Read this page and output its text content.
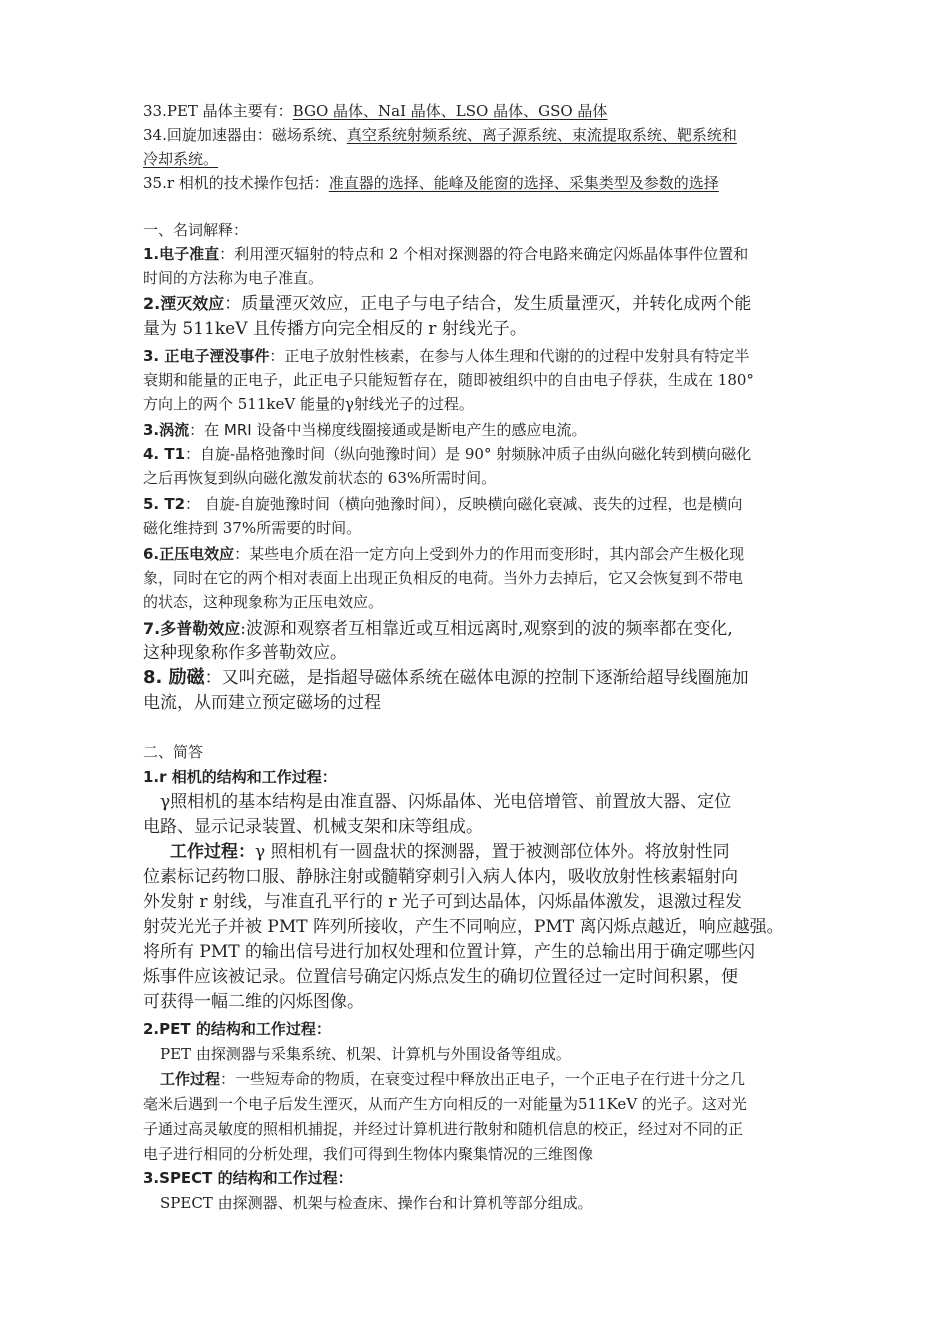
33.PET 晶体主要有：BGO 晶体、NaI 晶体、LSO 晶体、GSO 晶体
34.回旋加速器由：磁场系统、真空系统射频系统、离子源系统、束流提取系统、靶系统和
冷却系统。
35.r 相机的技术操作包括：准直器的选择、能峰及能窗的选择、采集类型及参数的选择
一、名词解释：
1.电子准直：利用湮灭辐射的特点和 2 个相对探测器的符合电路来确定闪烁晶体事件位置和
时间的方法称为电子准直。
2.湮灭效应：质量湮灭效应，正电子与电子结合，发生质量湮灭，并转化成两个能
量为 511keV 且传播方向完全相反的 r 射线光子。
3. 正电子湮没事件：正电子放射性核素，在参与人体生理和代谢的的过程中发射具有特定半
衰期和能量的正电子，此正电子只能短暂存在，随即被组织中的自由电子俘获，生成在 180°
方向上的两个 511keV 能量的γ射线光子的过程。
3.涡流：在 MRI 设备中当梯度线圈接通或是断电产生的感应电流。
4. T1：自旋-晶格弛豫时间（纵向弛豫时间）是 90° 射频脉冲质子由纵向磁化转到横向磁化
之后再恢复到纵向磁化激发前状态的 63%所需时间。
5. T2： 自旋-自旋弛豫时间（横向弛豫时间），反映横向磁化衰减、丧失的过程，也是横向
磁化维持到 37%所需要的时间。
6.正压电效应：某些电介质在沿一定方向上受到外力的作用而变形时，其内部会产生极化现
象，同时在它的两个相对表面上出现正负相反的电荷。当外力去掉后，它又会恢复到不带电
的状态，这种现象称为正压电效应。
7.多普勒效应:波源和观察者互相靠近或互相远离时,观察到的波的频率都在变化,
这种现象称作多普勒效应。
8. 励磁：又叫充磁，是指超导磁体系统在磁体电源的控制下逐渐给超导线圈施加
电流，从而建立预定磁场的过程
二、简答
1.r 相机的结构和工作过程：
γ照相机的基本结构是由准直器、闪烁晶体、光电倍增管、前置放大器、定位
电路、显示记录装置、机械支架和床等组成。
工作过程：γ 照相机有一圆盘状的探测器，置于被测部位体外。将放射性同
位素标记药物口服、静脉注射或髓鞘穿刺引入病人体内，吸收放射性核素辐射向
外发射 r 射线，与准直孔平行的 r 光子可到达晶体，闪烁晶体激发，退激过程发
射荧光光子并被 PMT 阵列所接收，产生不同响应，PMT 离闪烁点越近，响应越强。
将所有 PMT 的输出信号进行加权处理和位置计算，产生的总输出用于确定哪些闪
烁事件应该被记录。位置信号确定闪烁点发生的确切位置径过一定时间积累，便
可获得一幅二维的闪烁图像。
2.PET 的结构和工作过程：
PET 由探测器与采集系统、机架、计算机与外围设备等组成。
工作过程：一些短寿命的物质，在衰变过程中释放出正电子，一个正电子在行进十分之几
毫米后遇到一个电子后发生湮灭，从而产生方向相反的一对能量为511KeV 的光子。这对光
子通过高灵敏度的照相机捕捉，并经过计算机进行散射和随机信息的校正，经过对不同的正
电子进行相同的分析处理，我们可得到生物体内聚集情况的三维图像
3.SPECT 的结构和工作过程：
SPECT 由探测器、机架与检查床、操作台和计算机等部分组成。
